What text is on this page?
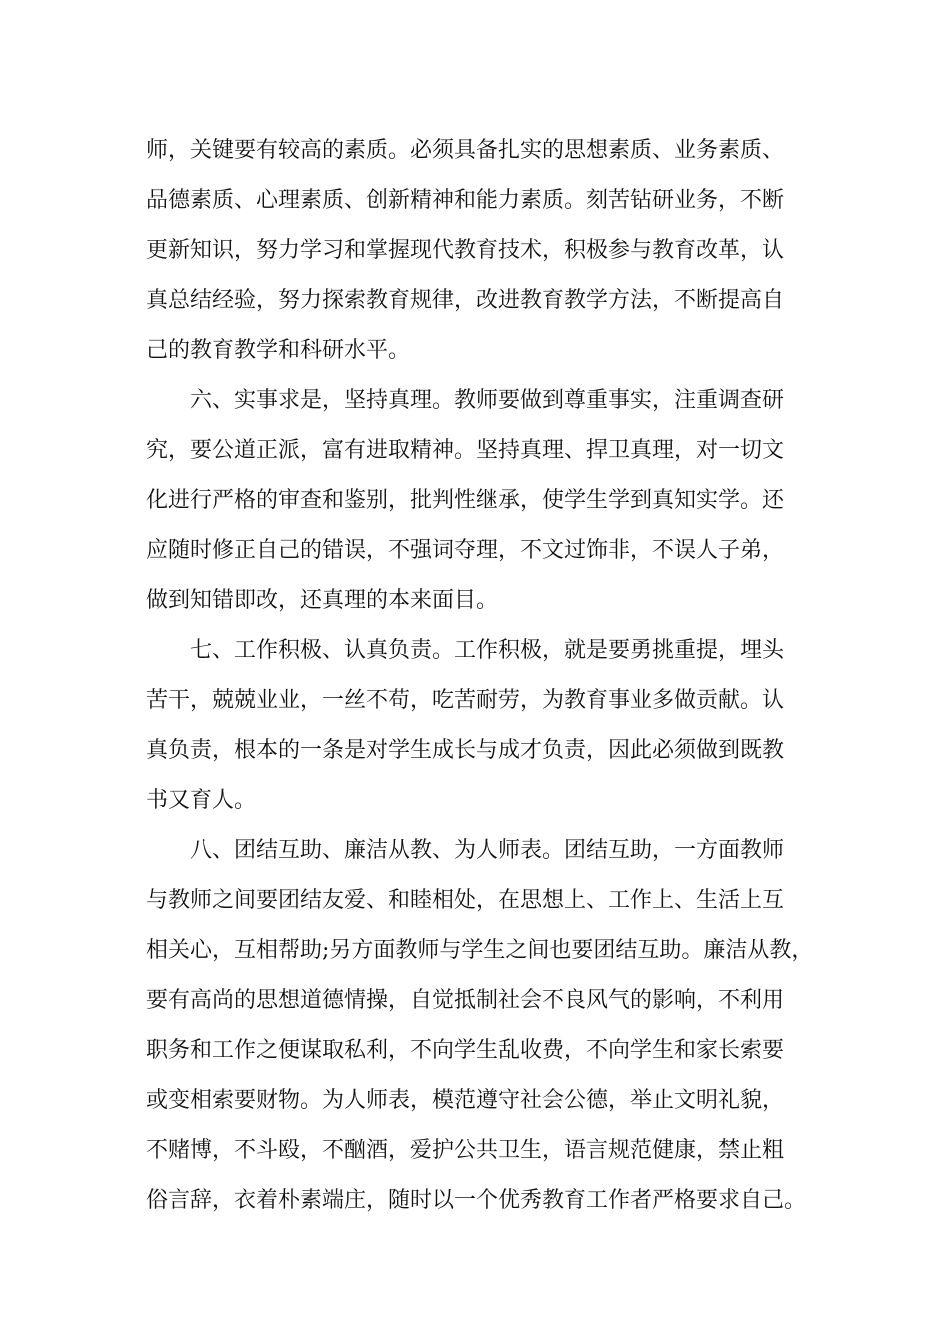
师，关键要有较高的素质。必须具备扎实的思想素质、业务素质、

品德素质、心理素质、创新精神和能力素质。刻苦钻研业务，不断

更新知识，努力学习和掌握现代教育技术，积极参与教育改革，认

真总结经验，努力探索教育规律，改进教育教学方法，不断提高自

己的教育教学和科研水平。

六、实事求是，坚持真理。教师要做到尊重事实，注重调查研

究，要公道正派，富有进取精神。坚持真理、捍卫真理，对一切文

化进行严格的审查和鉴别，批判性继承，使学生学到真知实学。还

应随时修正自己的错误，不强词夺理，不文过饰非，不误人子弟，

做到知错即改，还真理的本来面目。

七、工作积极、认真负责。工作积极，就是要勇挑重提，埋头

苦干，兢兢业业，一丝不苟，吃苦耐劳，为教育事业多做贡献。认

真负责，根本的一条是对学生成长与成才负责，因此必须做到既教

书又育人。

八、团结互助、廉洁从教、为人师表。团结互助，一方面教师

与教师之间要团结友爱、和睦相处，在思想上、工作上、生活上互

相关心，互相帮助;另方面教师与学生之间也要团结互助。廉洁从教，

要有高尚的思想道德情操，自觉抵制社会不良风气的影响，不利用

职务和工作之便谋取私利，不向学生乱收费，不向学生和家长索要

或变相索要财物。为人师表，模范遵守社会公德，举止文明礼貌，

不赌博，不斗殴，不酗酒，爱护公共卫生，语言规范健康，禁止粗

俗言辞，衣着朴素端庄，随时以一个优秀教育工作者严格要求自己。
